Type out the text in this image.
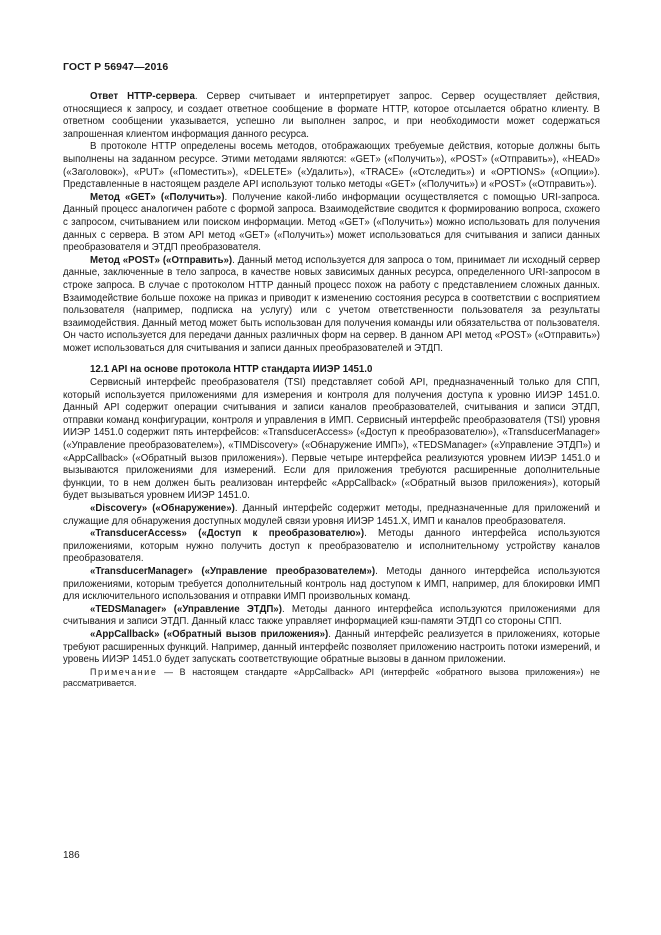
ГОСТ Р 56947—2016

Ответ HTTP-сервера. Сервер считывает и интерпретирует запрос. Сервер осуществляет действия, относящиеся к запросу, и создает ответное сообщение в формате HTTP, которое отсылается обратно клиенту. В ответном сообщении указывается, успешно ли выполнен запрос, и при необходимости может содержаться запрошенная клиентом информация данного ресурса.

В протоколе HTTP определены восемь методов, отображающих требуемые действия, которые должны быть выполнены на заданном ресурсе. Этими методами являются: «GET» («Получить»), «POST» («Отправить»), «HEAD» («Заголовок»), «PUT» («Поместить»), «DELETE» («Удалить»), «TRACE» («Отследить») и «OPTIONS» («Опции»). Представленные в настоящем разделе API используют только методы «GET» («Получить») и «POST» («Отправить»).

Метод «GET» («Получить»). Получение какой-либо информации осуществляется с помощью URI-запроса. Данный процесс аналогичен работе с формой запроса. Взаимодействие сводится к формированию вопроса, схожего с запросом, считыванием или поиском информации. Метод «GET» («Получить») можно использовать для получения данных с сервера. В этом API метод «GET» («Получить») может использоваться для считывания и записи данных преобразователя и ЭТДП преобразователя.

Метод «POST» («Отправить»). Данный метод используется для запроса о том, принимает ли исходный сервер данные, заключенные в тело запроса, в качестве новых зависимых данных ресурса, определенного URI-запросом в строке запроса. В случае с протоколом HTTP данный процесс похож на работу с представлением сложных данных. Взаимодействие больше похоже на приказ и приводит к изменению состояния ресурса в соответствии с восприятием пользователя (например, подписка на услугу) или с учетом ответственности пользователя за результаты взаимодействия. Данный метод может быть использован для получения команды или обязательства от пользователя. Он часто используется для передачи данных различных форм на сервер. В данном API метод «POST» («Отправить») может использоваться для считывания и записи данных преобразователей и ЭТДП.

12.1 API на основе протокола HTTP стандарта ИИЭР 1451.0

Сервисный интерфейс преобразователя (TSI) представляет собой API, предназначенный только для СПП, который используется приложениями для измерения и контроля для получения доступа к уровню ИИЭР 1451.0. Данный API содержит операции считывания и записи каналов преобразователей, считывания и записи ЭТДП, отправки команд конфигурации, контроля и управления в ИМП. Сервисный интерфейс преобразователя (TSI) уровня ИИЭР 1451.0 содержит пять интерфейсов: «TransducerAccess» («Доступ к преобразователю»), «TransducerManager» («Управление преобразователем»), «TIMDiscovery» («Обнаружение ИМП»), «TEDSManager» («Управление ЭТДП») и «AppCallback» («Обратный вызов приложения»). Первые четыре интерфейса реализуются уровнем ИИЭР 1451.0 и вызываются приложениями для измерений. Если для приложения требуются расширенные дополнительные функции, то в нем должен быть реализован интерфейс «AppCallback» («Обратный вызов приложения»), который будет вызываться уровнем ИИЭР 1451.0.

«Discovery» («Обнаружение»). Данный интерфейс содержит методы, предназначенные для приложений и служащие для обнаружения доступных модулей связи уровня ИИЭР 1451.Х, ИМП и каналов преобразователя.

«TransducerAccess» («Доступ к преобразователю»). Методы данного интерфейса используются приложениями, которым нужно получить доступ к преобразователю и исполнительному устройству каналов преобразователя.

«TransducerManager» («Управление преобразователем»). Методы данного интерфейса используются приложениями, которым требуется дополнительный контроль над доступом к ИМП, например, для блокировки ИМП для исключительного использования и отправки ИМП произвольных команд.

«TEDSManager» («Управление ЭТДП»). Методы данного интерфейса используются приложениями для считывания и записи ЭТДП. Данный класс также управляет информацией кэш-памяти ЭТДП со стороны СПП.

«AppCallback» («Обратный вызов приложения»). Данный интерфейс реализуется в приложениях, которые требуют расширенных функций. Например, данный интерфейс позволяет приложению настроить потоки измерений, и уровень ИИЭР 1451.0 будет запускать соответствующие обратные вызовы в данном приложении.

Примечание — В настоящем стандарте «AppCallback» API (интерфейс «обратного вызова приложения») не рассматривается.

186
